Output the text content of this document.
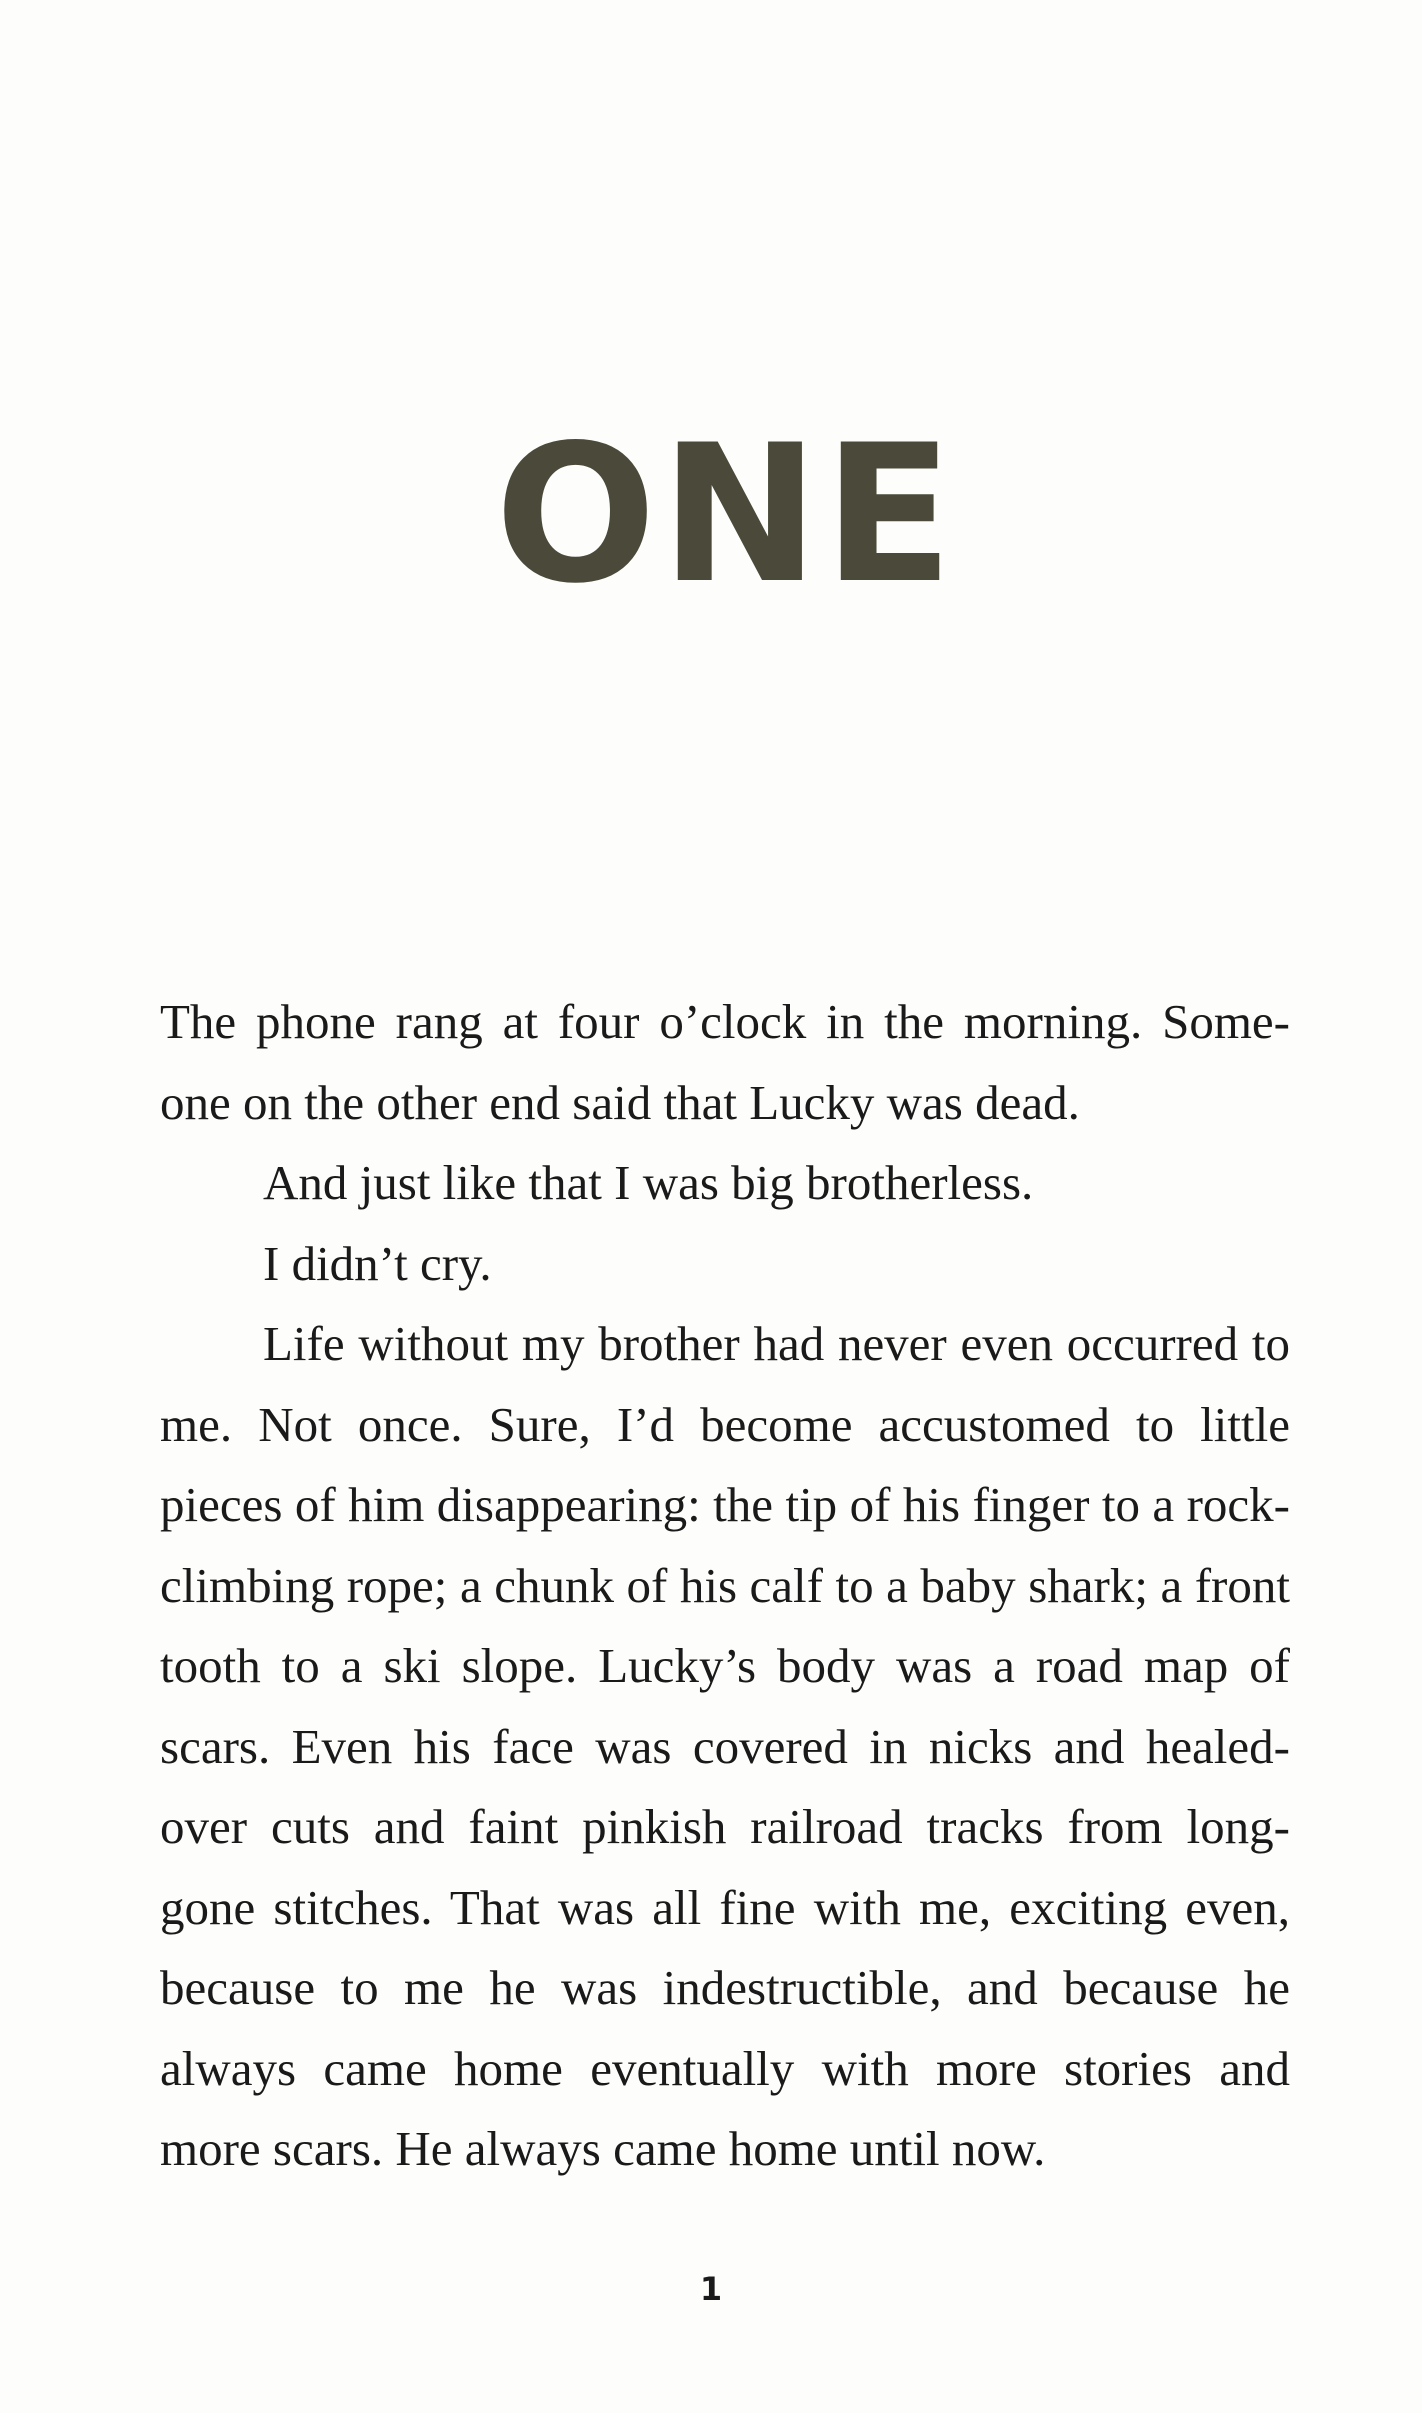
ONE

The phone rang at four o’clock in the morning. Some-one on the other end said that Lucky was dead.

And just like that I was big brotherless.

I didn’t cry.

Life without my brother had never even occurred to me. Not once. Sure, I’d become accustomed to little pieces of him disappearing: the tip of his finger to a rock-climbing rope; a chunk of his calf to a baby shark; a front tooth to a ski slope. Lucky’s body was a road map of scars. Even his face was covered in nicks and healed-over cuts and faint pinkish railroad tracks from long-gone stitches. That was all fine with me, exciting even, because to me he was indestructible, and because he always came home eventually with more stories and more scars. He always came home until now.

1
